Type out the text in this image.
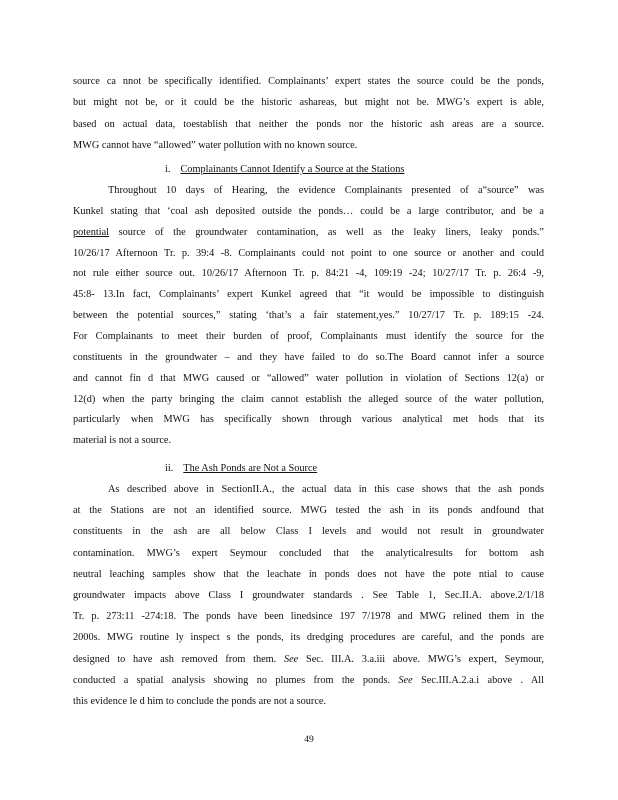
source ca nnot be specifically identified. Complainants’ expert states the source could be the ponds,
but might not be, or it could be the historic ashareas, but might not be. MWG’s expert is able,
based on actual data, toestablish that neither the ponds nor the historic ash areas are a source.
MWG cannot have “allowed” water pollution with no known source.
i. Complainants Cannot Identify a Source at the Stations
Throughout 10 days of Hearing, the evidence Complainants presented of a“source” was
Kunkel stating that ‘coal ash deposited outside the ponds… could be a large contributor, and be a
potential source of the groundwater contamination, as well as the leaky liners, leaky ponds.”
10/26/17 Afternoon Tr. p. 39:4 -8. Complainants could not point to one source or another and could
not rule either source out. 10/26/17 Afternoon Tr. p. 84:21 -4, 109:19 -24; 10/27/17 Tr. p. 26:4 -9,
45:8- 13.In fact, Complainants’ expert Kunkel agreed that “it would be impossible to distinguish
between the potential sources,” stating ‘that’s a fair statement,yes.” 10/27/17 Tr. p. 189:15 -24.
For Complainants to meet their burden of proof, Complainants must identify the source for the
constituents in the groundwater – and they have failed to do so.The Board cannot infer a source
and cannot fin d that MWG caused or “allowed” water pollution in violation of Sections 12(a) or
12(d) when the party bringing the claim cannot establish the alleged source of the water pollution,
particularly when MWG has specifically shown through various analytical met hods that its
material is not a source.
ii. The Ash Ponds are Not a Source
As described above in SectionII.A., the actual data in this case shows that the ash ponds
at the Stations are not an identified source. MWG tested the ash in its ponds andfound that
constituents in the ash are all below Class I levels and would not result in groundwater
contamination. MWG’s expert Seymour concluded that the analyticalresults for bottom ash
neutral leaching samples show that the leachate in ponds does not have the pote ntial to cause
groundwater impacts above Class I groundwater standards . See Table 1, Sec.II.A. above.2/1/18
Tr. p. 273:11 -274:18. The ponds have been linedsince 197 7/1978 and MWG relined them in the
2000s. MWG routine ly inspect s the ponds, its dredging procedures are careful, and the ponds are
designed to have ash removed from them. See Sec. III.A. 3.a.iii above. MWG’s expert, Seymour,
conducted a spatial analysis showing no plumes from the ponds. See Sec.III.A.2.a.i above . All
this evidence le d him to conclude the ponds are not a source.
49
